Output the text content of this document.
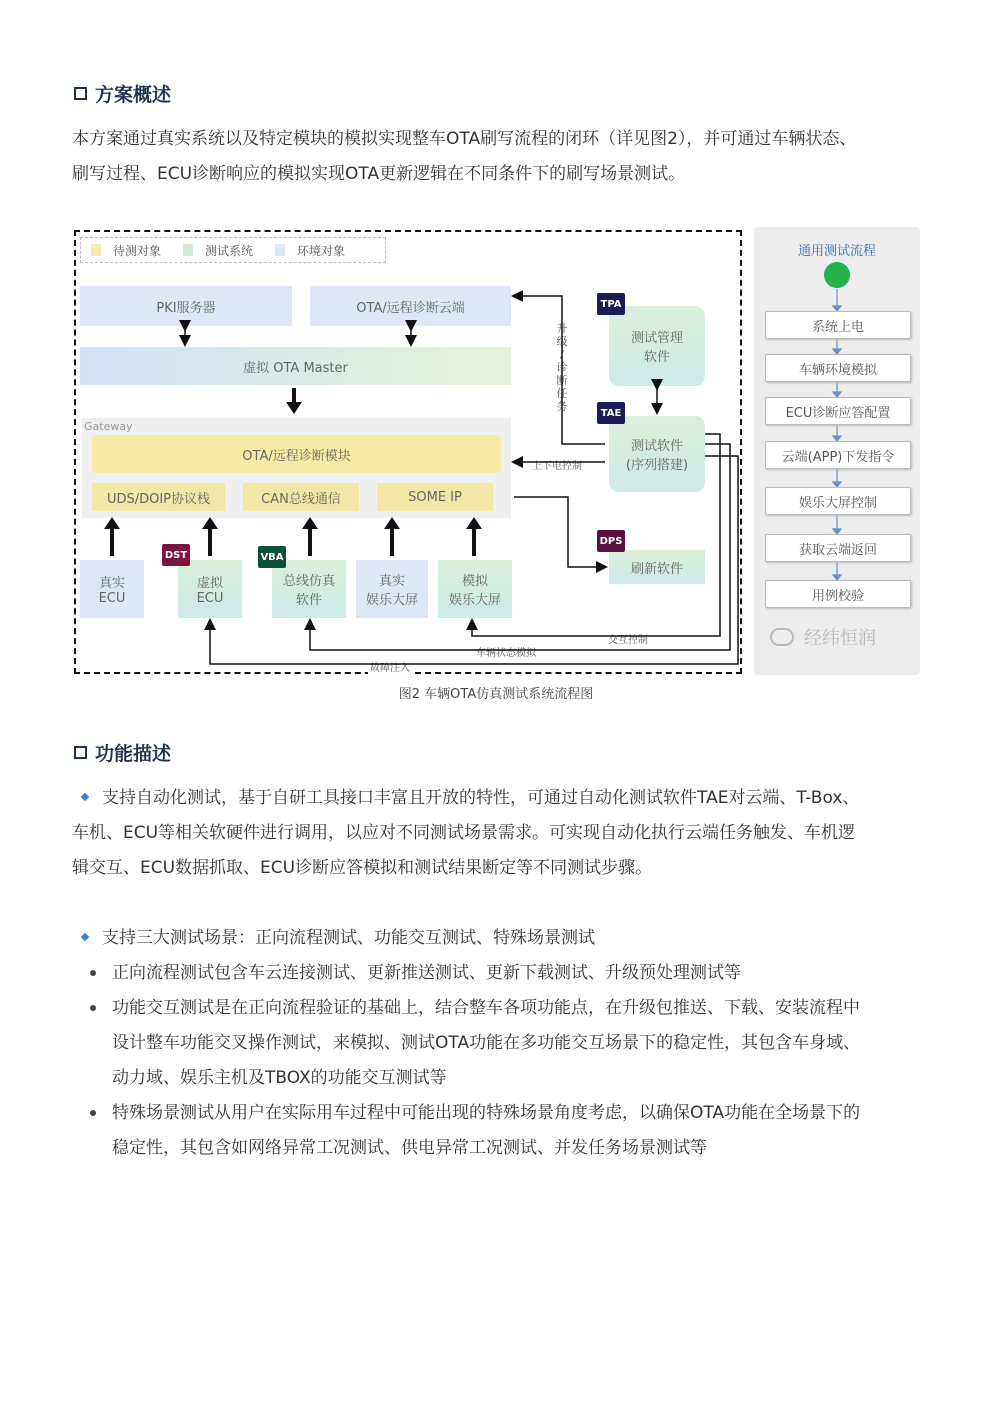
方案概述
本方案通过真实系统以及特定模块的模拟实现整车OTA刷写流程的闭环（详见图2），并可通过车辆状态、
刷写过程、ECU诊断响应的模拟实现OTA更新逻辑在不同条件下的刷写场景测试。
待测对象	测试系统	环境对象
PKI服务器	OTA/远程诊断云端
虚拟 OTA Master
Gateway
OTA/远程诊断模块
UDS/DOIP协议栈	CAN总线通信	SOME IP
真实
ECU
虚拟
ECU
总线仿真
软件
真实
娱乐大屏
模拟
娱乐大屏
测试管理
软件
测试软件
(序列搭建)
刷新软件
TPA
TAE
DPS
DST	VBA
升
级
/
诊
断
任
务
上下电控制
交互控制
车辆状态模拟
故障注入
通用测试流程
系统上电
车辆环境模拟
ECU诊断应答配置
云端(APP)下发指令
娱乐大屏控制
获取云端返回
用例校验
经纬恒润
图2 车辆OTA仿真测试系统流程图
功能描述
支持自动化测试，基于自研工具接口丰富且开放的特性，可通过自动化测试软件TAE对云端、T-Box、
车机、ECU等相关软硬件进行调用，以应对不同测试场景需求。可实现自动化执行云端任务触发、车机逻
辑交互、ECU数据抓取、ECU诊断应答模拟和测试结果断定等不同测试步骤。
支持三大测试场景：正向流程测试、功能交互测试、特殊场景测试
正向流程测试包含车云连接测试、更新推送测试、更新下载测试、升级预处理测试等
功能交互测试是在正向流程验证的基础上，结合整车各项功能点，在升级包推送、下载、安装流程中
设计整车功能交叉操作测试，来模拟、测试OTA功能在多功能交互场景下的稳定性，其包含车身域、
动力域、娱乐主机及TBOX的功能交互测试等
特殊场景测试从用户在实际用车过程中可能出现的特殊场景角度考虑，以确保OTA功能在全场景下的
稳定性，其包含如网络异常工况测试、供电异常工况测试、并发任务场景测试等
